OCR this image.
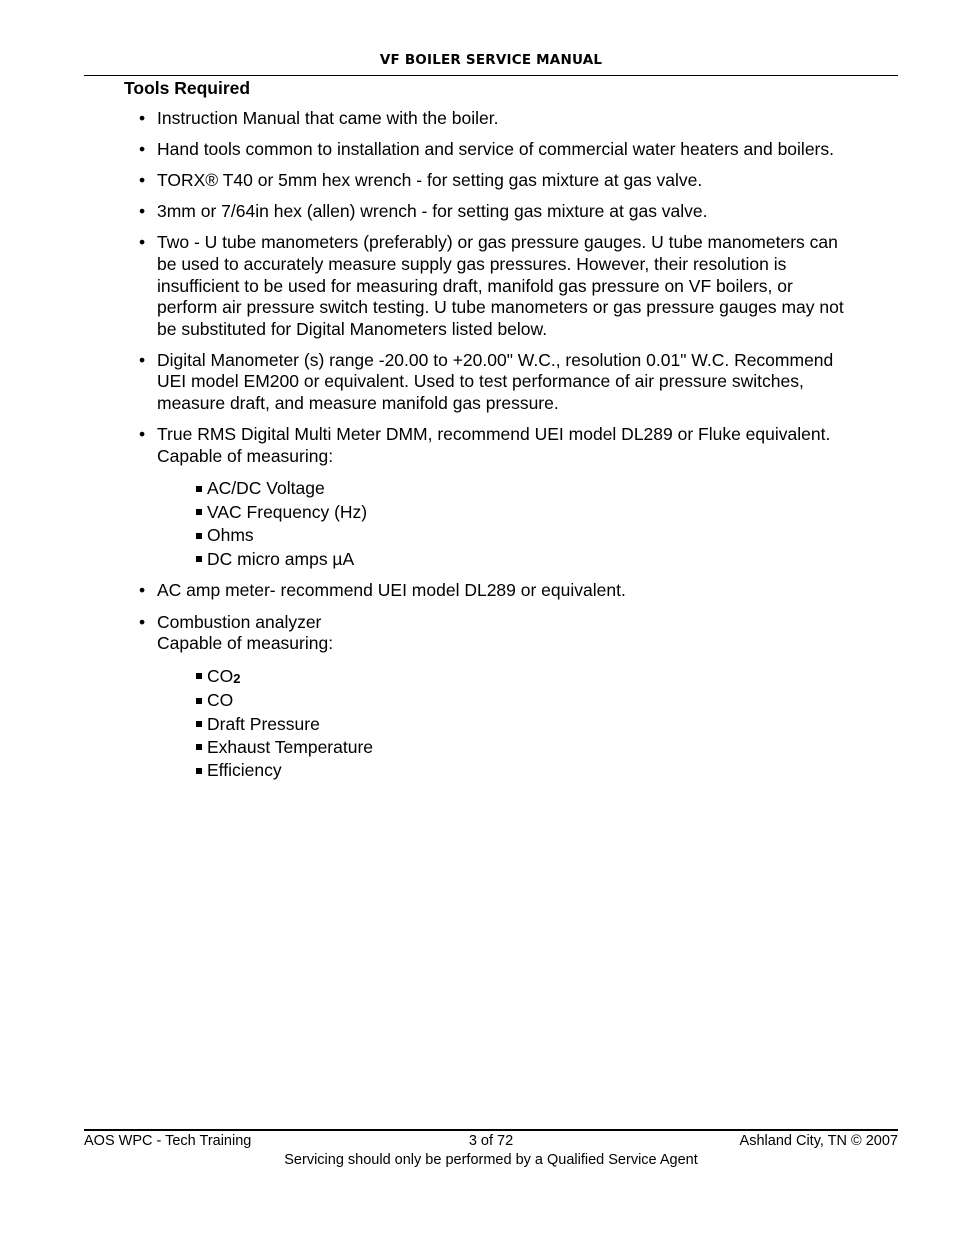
VF BOILER SERVICE MANUAL
Tools Required
• Instruction Manual that came with the boiler.
• Hand tools common to installation and service of commercial water heaters and boilers.
• TORX® T40 or 5mm hex wrench - for setting gas mixture at gas valve.
• 3mm or 7/64in hex (allen) wrench - for setting gas mixture at gas valve.
• Two - U tube manometers (preferably) or gas pressure gauges. U tube manometers can
be used to accurately measure supply gas pressures. However, their resolution is
insufficient to be used for measuring draft, manifold gas pressure on VF boilers, or
perform air pressure switch testing. U tube manometers or gas pressure gauges may not
be substituted for Digital Manometers listed below.
• Digital Manometer (s) range -20.00 to +20.00" W.C., resolution 0.01" W.C. Recommend
UEI model EM200 or equivalent. Used to test performance of air pressure switches,
measure draft, and measure manifold gas pressure.
• True RMS Digital Multi Meter DMM, recommend UEI model DL289 or Fluke equivalent.
Capable of measuring:
AC/DC Voltage
VAC Frequency (Hz)
Ohms
DC micro amps µA
• AC amp meter- recommend UEI model DL289 or equivalent.
• Combustion analyzer
Capable of measuring:
CO2
CO
Draft Pressure
Exhaust Temperature
Efficiency
AOS WPC - Tech Training	3 of 72	Ashland City, TN © 2007
Servicing should only be performed by a Qualified Service Agent
